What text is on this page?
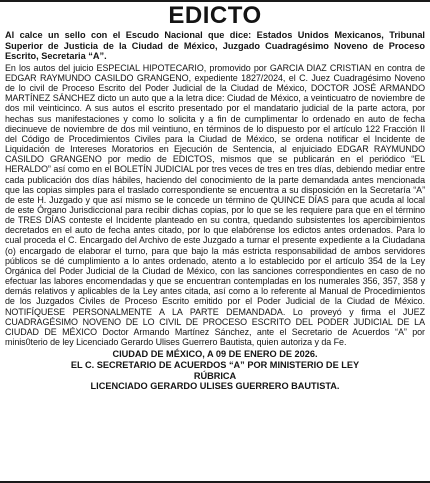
EDICTO

Al calce un sello con el Escudo Nacional que dice: Estados Unidos Mexicanos, Tribunal Superior de Justicia de la Ciudad de México, Juzgado Cuadragésimo Noveno de Proceso Escrito, Secretaria “A”.

En los autos del juicio ESPECIAL HIPOTECARIO, promovido por GARCIA DIAZ CRISTIAN en contra de EDGAR RAYMUNDO CASILDO GRANGENO, expediente 1827/2024, el C. Juez Cuadragésimo Noveno de lo civil de Proceso Escrito del Poder Judicial de la Ciudad de México, DOCTOR JOSÉ ARMANDO MARTÍNEZ SÁNCHEZ dicto un auto que a la letra dice: Ciudad de México, a veinticuatro de noviembre de dos mil veinticinco. A sus autos el escrito presentado por el mandatario judicial de la parte actora, por hechas sus manifestaciones y como lo solicita y a fin de cumplimentar lo ordenado en auto de fecha diecinueve de noviembre de dos mil veintiuno, en términos de lo dispuesto por el artículo 122 Fracción II del Código de Procedimientos Civiles para la Ciudad de México, se ordena notificar el Incidente de Liquidación de Intereses Moratorios en Ejecución de Sentencia, al enjuiciado EDGAR RAYMUNDO CASILDO GRANGENO por medio de EDICTOS, mismos que se publicarán en el periódico “EL HERALDO” así como en el BOLETÍN JUDICIAL por tres veces de tres en tres días, debiendo mediar entre cada publicación dos días hábiles, haciendo del conocimiento de la parte demandada antes mencionada que las copias simples para el traslado correspondiente se encuentra a su disposición en la Secretaría “A” de este H. Juzgado y que así mismo se le concede un término de QUINCE DÍAS para que acuda al local de este Órgano Jurisdiccional para recibir dichas copias, por lo que se les requiere para que en el término de TRES DÍAS conteste el Incidente planteado en su contra, quedando subsistentes los apercibimientos decretados en el auto de fecha antes citado, por lo que elabórense los edictos antes ordenados. Para lo cual proceda el C. Encargado del Archivo de este Juzgado a turnar el presente expediente a la Ciudadana (o) encargado de elaborar el turno, para que bajo la más estricta responsabilidad de ambos servidores públicos se dé cumplimiento a lo antes ordenado, atento a lo establecido por el artículo 354 de la Ley Orgánica del Poder Judicial de la Ciudad de México, con las sanciones correspondientes en caso de no efectuar las labores encomendadas y que se encuentran contempladas en los numerales 356, 357, 358 y demás relativos y aplicables de la Ley antes citada, así como a lo referente al Manual de Procedimientos de los Juzgados Civiles de Proceso Escrito emitido por el Poder Judicial de la Ciudad de México. NOTIFÍQUESE PERSONALMENTE A LA PARTE DEMANDADA. Lo proveyó y firma el JUEZ CUADRAGÉSIMO NOVENO DE LO CIVIL DE PROCESO ESCRITO DEL PODER JUDICIAL DE LA CIUDAD DE MÉXICO Doctor Armando Martínez Sánchez, ante el Secretario de Acuerdos “A” por minis0terio de ley Licenciado Gerardo Ulises Guerrero Bautista, quien autoriza y da Fe.

CIUDAD DE MÉXICO, A 09 DE ENERO DE 2026.

EL C. SECRETARIO DE ACUERDOS “A” POR MINISTERIO DE LEY

RÚBRICA

LICENCIADO GERARDO ULISES GUERRERO BAUTISTA.
